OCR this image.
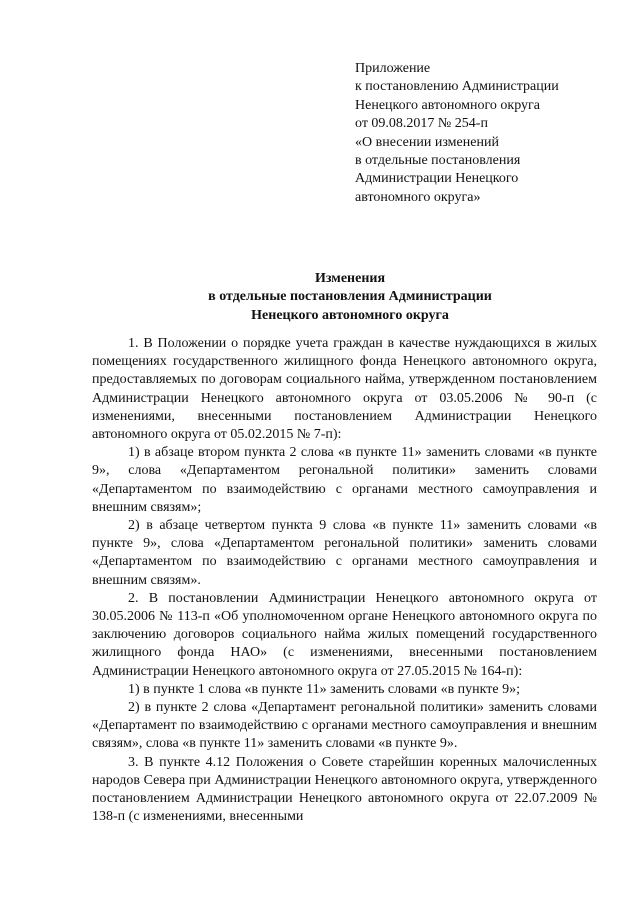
Приложение
к постановлению Администрации
Ненецкого автономного округа
от 09.08.2017 № 254-п
«О внесении изменений
в отдельные постановления
Администрации Ненецкого
автономного округа»
Изменения
в отдельные постановления Администрации
Ненецкого автономного округа

1. В Положении о порядке учета граждан в качестве нуждающихся в жилых помещениях государственного жилищного фонда Ненецкого автономного округа, предоставляемых по договорам социального найма, утвержденном постановлением Администрации Ненецкого автономного округа от 03.05.2006 № 90-п (с изменениями, внесенными постановлением Администрации Ненецкого автономного округа от 05.02.2015 № 7-п):

1) в абзаце втором пункта 2 слова «в пункте 11» заменить словами «в пункте 9», слова «Департаментом регональной политики» заменить словами «Департаментом по взаимодействию с органами местного самоуправления и внешним связям»;

2) в абзаце четвертом пункта 9 слова «в пункте 11» заменить словами «в пункте 9», слова «Департаментом регональной политики» заменить словами «Департаментом по взаимодействию с органами местного самоуправления и внешним связям».

2. В постановлении Администрации Ненецкого автономного округа от 30.05.2006 № 113-п «Об уполномоченном органе Ненецкого автономного округа по заключению договоров социального найма жилых помещений государственного жилищного фонда НАО» (с изменениями, внесенными постановлением Администрации Ненецкого автономного округа от 27.05.2015 № 164-п):

1) в пункте 1 слова «в пункте 11» заменить словами «в пункте 9»;

2) в пункте 2 слова «Департамент регональной политики» заменить словами «Департамент по взаимодействию с органами местного самоуправления и внешним связям», слова «в пункте 11» заменить словами «в пункте 9».

3. В пункте 4.12 Положения о Совете старейшин коренных малочисленных народов Севера при Администрации Ненецкого автономного округа, утвержденного постановлением Администрации Ненецкого автономного округа от 22.07.2009 № 138-п (с изменениями, внесенными
